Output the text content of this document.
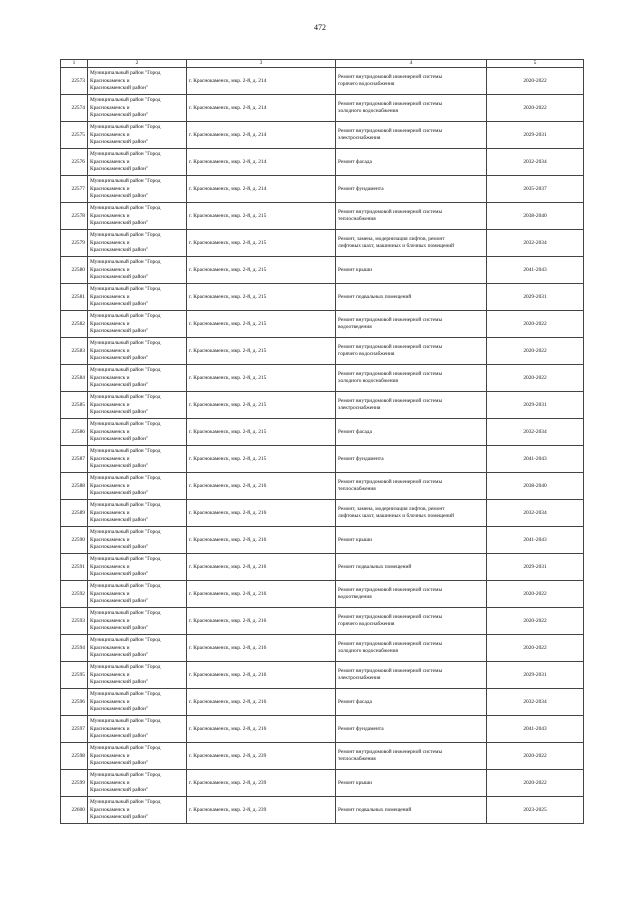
472
1	2	3	4	5
22573	Муниципальный район "Город
Краснокаменск и
Краснокаменский район"	г. Краснокаменск, мкр. 2-й, д. 214	Ремонт внутридомовой инженерной системы
горячего водоснабжения	2020-2022
22574	Муниципальный район "Город
Краснокаменск и
Краснокаменский район"	г. Краснокаменск, мкр. 2-й, д. 214	Ремонт внутридомовой инженерной системы
холодного водоснабжения	2020-2022
22575	Муниципальный район "Город
Краснокаменск и
Краснокаменский район"	г. Краснокаменск, мкр. 2-й, д. 214	Ремонт внутридомовой инженерной системы
электроснабжения	2029-2031
22576	Муниципальный район "Город
Краснокаменск и
Краснокаменский район"	г. Краснокаменск, мкр. 2-й, д. 214	Ремонт фасада	2032-2034
22577	Муниципальный район "Город
Краснокаменск и
Краснокаменский район"	г. Краснокаменск, мкр. 2-й, д. 214	Ремонт фундамента	2035-2037
22578	Муниципальный район "Город
Краснокаменск и
Краснокаменский район"	г. Краснокаменск, мкр. 2-й, д. 215	Ремонт внутридомовой инженерной системы
теплоснабжения	2038-2040
22579	Муниципальный район "Город
Краснокаменск и
Краснокаменский район"	г. Краснокаменск, мкр. 2-й, д. 215	Ремонт, замена, модернизация лифтов, ремонт
лифтовых шахт, машинных и блочных помещений	2032-2034
22580	Муниципальный район "Город
Краснокаменск и
Краснокаменский район"	г. Краснокаменск, мкр. 2-й, д. 215	Ремонт крыши	2041-2043
22581	Муниципальный район "Город
Краснокаменск и
Краснокаменский район"	г. Краснокаменск, мкр. 2-й, д. 215	Ремонт подвальных помещений	2029-2031
22582	Муниципальный район "Город
Краснокаменск и
Краснокаменский район"	г. Краснокаменск, мкр. 2-й, д. 215	Ремонт внутридомовой инженерной системы
водоотведения	2020-2022
22583	Муниципальный район "Город
Краснокаменск и
Краснокаменский район"	г. Краснокаменск, мкр. 2-й, д. 215	Ремонт внутридомовой инженерной системы
горячего водоснабжения	2020-2022
22584	Муниципальный район "Город
Краснокаменск и
Краснокаменский район"	г. Краснокаменск, мкр. 2-й, д. 215	Ремонт внутридомовой инженерной системы
холодного водоснабжения	2020-2022
22585	Муниципальный район "Город
Краснокаменск и
Краснокаменский район"	г. Краснокаменск, мкр. 2-й, д. 215	Ремонт внутридомовой инженерной системы
электроснабжения	2029-2031
22586	Муниципальный район "Город
Краснокаменск и
Краснокаменский район"	г. Краснокаменск, мкр. 2-й, д. 215	Ремонт фасада	2032-2034
22587	Муниципальный район "Город
Краснокаменск и
Краснокаменский район"	г. Краснокаменск, мкр. 2-й, д. 215	Ремонт фундамента	2041-2043
22588	Муниципальный район "Город
Краснокаменск и
Краснокаменский район"	г. Краснокаменск, мкр. 2-й, д. 216	Ремонт внутридомовой инженерной системы
теплоснабжения	2038-2040
22589	Муниципальный район "Город
Краснокаменск и
Краснокаменский район"	г. Краснокаменск, мкр. 2-й, д. 216	Ремонт, замена, модернизация лифтов, ремонт
лифтовых шахт, машинных и блочных помещений	2032-2034
22590	Муниципальный район "Город
Краснокаменск и
Краснокаменский район"	г. Краснокаменск, мкр. 2-й, д. 216	Ремонт крыши	2041-2043
22591	Муниципальный район "Город
Краснокаменск и
Краснокаменский район"	г. Краснокаменск, мкр. 2-й, д. 216	Ремонт подвальных помещений	2029-2031
22592	Муниципальный район "Город
Краснокаменск и
Краснокаменский район"	г. Краснокаменск, мкр. 2-й, д. 216	Ремонт внутридомовой инженерной системы
водоотведения	2020-2022
22593	Муниципальный район "Город
Краснокаменск и
Краснокаменский район"	г. Краснокаменск, мкр. 2-й, д. 216	Ремонт внутридомовой инженерной системы
горячего водоснабжения	2020-2022
22594	Муниципальный район "Город
Краснокаменск и
Краснокаменский район"	г. Краснокаменск, мкр. 2-й, д. 216	Ремонт внутридомовой инженерной системы
холодного водоснабжения	2020-2022
22595	Муниципальный район "Город
Краснокаменск и
Краснокаменский район"	г. Краснокаменск, мкр. 2-й, д. 216	Ремонт внутридомовой инженерной системы
электроснабжения	2029-2031
22596	Муниципальный район "Город
Краснокаменск и
Краснокаменский район"	г. Краснокаменск, мкр. 2-й, д. 216	Ремонт фасада	2032-2034
22597	Муниципальный район "Город
Краснокаменск и
Краснокаменский район"	г. Краснокаменск, мкр. 2-й, д. 216	Ремонт фундамента	2041-2043
22598	Муниципальный район "Город
Краснокаменск и
Краснокаменский район"	г. Краснокаменск, мкр. 2-й, д. 239	Ремонт внутридомовой инженерной системы
теплоснабжения	2020-2022
22599	Муниципальный район "Город
Краснокаменск и
Краснокаменский район"	г. Краснокаменск, мкр. 2-й, д. 239	Ремонт крыши	2020-2022
22600	Муниципальный район "Город
Краснокаменск и
Краснокаменский район"	г. Краснокаменск, мкр. 2-й, д. 239	Ремонт подвальных помещений	2023-2025
